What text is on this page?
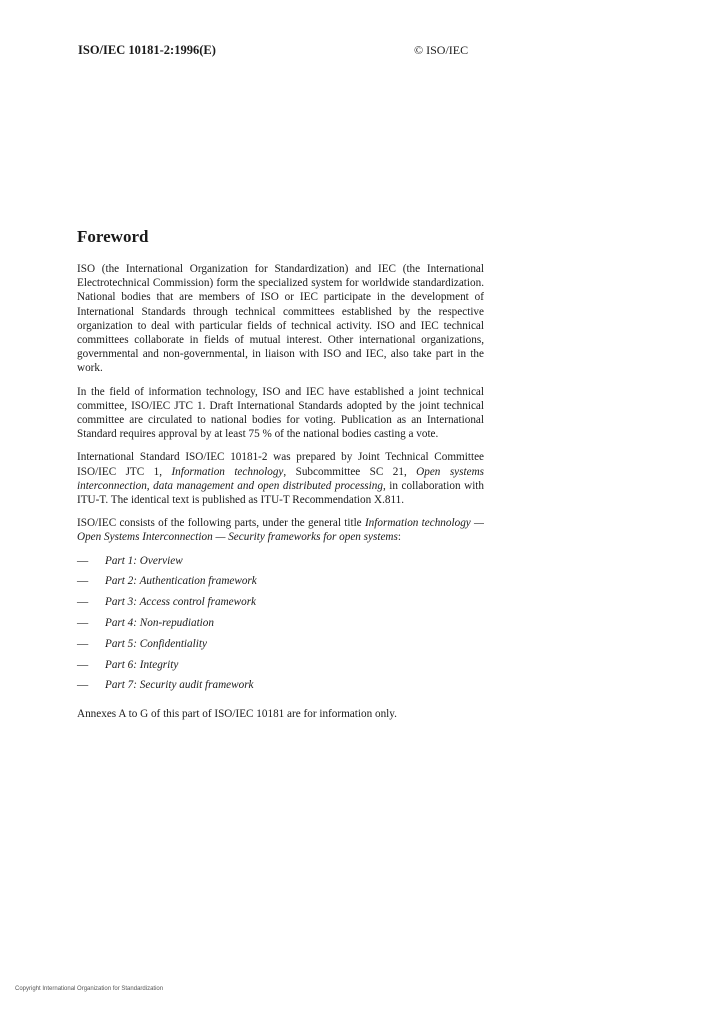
ISO/IEC 10181-2:1996(E)	© ISO/IEC
Foreword

ISO (the International Organization for Standardization) and IEC (the International Electrotechnical Commission) form the specialized system for worldwide standardization. National bodies that are members of ISO or IEC participate in the development of International Standards through technical committees established by the respective organization to deal with particular fields of technical activity. ISO and IEC technical committees collaborate in fields of mutual interest. Other international organizations, governmental and non-governmental, in liaison with ISO and IEC, also take part in the work.

In the field of information technology, ISO and IEC have established a joint technical committee, ISO/IEC JTC 1. Draft International Standards adopted by the joint technical committee are circulated to national bodies for voting. Publication as an International Standard requires approval by at least 75 % of the national bodies casting a vote.

International Standard ISO/IEC 10181-2 was prepared by Joint Technical Committee ISO/IEC JTC 1, Information technology, Subcommittee SC 21, Open systems interconnection, data management and open distributed processing, in collaboration with ITU-T. The identical text is published as ITU-T Recommendation X.811.

ISO/IEC consists of the following parts, under the general title Information technology — Open Systems Interconnection — Security frameworks for open systems:

—	Part 1: Overview
—	Part 2: Authentication framework
—	Part 3: Access control framework
—	Part 4: Non-repudiation
—	Part 5: Confidentiality
—	Part 6: Integrity
—	Part 7: Security audit framework

Annexes A to G of this part of ISO/IEC 10181 are for information only.

Copyright International Organization for Standardization
